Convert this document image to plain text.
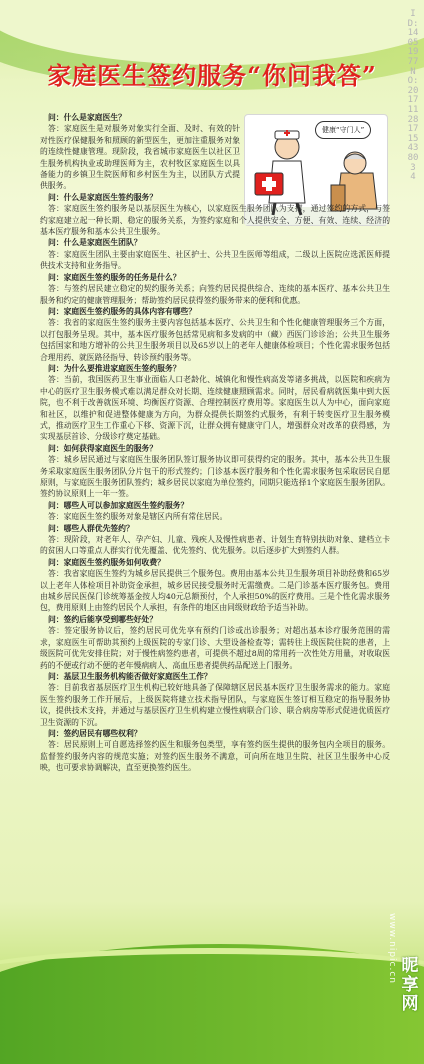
家庭医生签约服务“你问我答”
健康“守门人”

问：什么是家庭医生？

答：家庭医生是对服务对象实行全面、及时、有效的针对性医疗保健服务和照顾的新型医生，更加注重服务对象的连续性健康管理。现阶段，我省城市家庭医生以社区卫生服务机构执业或助理医师为主，农村牧区家庭医生以具备能力的乡镇卫生院医师和乡村医生为主，以团队方式提供服务。

问：什么是家庭医生签约服务？

答：家庭医生签约服务是以基层医生为核心，以家庭医生服务团队为支撑，通过签约的方式，与签约家庭建立起一种长期、稳定的服务关系，为签约家庭和个人提供安全、方便、有效、连续、经济的基本医疗服务和基本公共卫生服务。

问：什么是家庭医生团队？

答：家庭医生团队主要由家庭医生、社区护士、公共卫生医师等组成，二级以上医院应选派医师提供技术支持和业务指导。

问：家庭医生签约服务的任务是什么？

答：与签约居民建立稳定的契约服务关系；向签约居民提供综合、连续的基本医疗、基本公共卫生服务和约定的健康管理服务；帮助签约居民获得签约服务带来的便利和优惠。

问：家庭医生签约服务的具体内容有哪些？

答：我省的家庭医生签约服务主要内容包括基本医疗、公共卫生和个性化健康管理服务三个方面，以打包服务呈现。其中，基本医疗服务包括常见病和多发病的中（藏）西医门诊诊治；公共卫生服务包括国家和地方增补的公共卫生服务项目以及65岁以上的老年人健康体检项目；个性化需求服务包括合理用药、就医路径指导、转诊预约服务等。

问：为什么要推进家庭医生签约服务？

答：当前，我国医药卫生事业面临人口老龄化、城镇化和慢性病高发等诸多挑战，以医院和疾病为中心的医疗卫生服务模式难以满足群众对长期、连续健康照顾需求。同时，居民看病就医集中到大医院，也不利于改善就医环境、均衡医疗资源、合理控制医疗费用等。家庭医生以人为中心，面向家庭和社区，以维护和促进整体健康为方向，为群众提供长期签约式服务，有利于转变医疗卫生服务模式，推动医疗卫生工作重心下移、资源下沉，让群众拥有健康守门人，增强群众对改革的获得感，为实现基层首诊、分级诊疗奠定基础。

问：如何获得家庭医生的服务？

答：城乡居民通过与家庭医生服务团队签订服务协议即可获得约定的服务。其中，基本公共卫生服务采取家庭医生服务团队分片包干的形式签约；门诊基本医疗服务和个性化需求服务包采取居民自愿原则，与家庭医生服务团队签约；城乡居民以家庭为单位签约，同期只能选择1个家庭医生服务团队。签约协议原则上一年一签。

问：哪些人可以参加家庭医生签约服务？

答：家庭医生签约服务对象是辖区内所有常住居民。

问：哪些人群优先签约？

答：现阶段，对老年人、孕产妇、儿童、残疾人及慢性病患者、计划生育特别扶助对象、建档立卡的贫困人口等重点人群实行优先覆盖、优先签约、优先服务。以后逐步扩大到签约人群。

问：家庭医生签约服务如何收费？

答：我省家庭医生签约为城乡居民提供三个服务包。费用由基本公共卫生服务项目补助经费和65岁以上老年人体检项目补助资金承担，城乡居民接受服务时无需缴费。二是门诊基本医疗服务包。费用由城乡居民医保门诊统筹基金按人均40元总额预付，个人承担50%的医疗费用。三是个性化需求服务包，费用原则上由签约居民个人承担，有条件的地区由同级财政给予适当补助。

问：签约后能享受到哪些好处？

答：签定服务协议后，签约居民可优先享有预约门诊或出诊服务；对超出基本诊疗服务范围的需求，家庭医生可帮助其预约上级医院的专家门诊、大型设备检查等；需转往上级医院住院的患者，上级医院可优先安排住院；对于慢性病签约患者，可提供不超过8周的常用药一次性处方用量，对收取医药的不便或行动不便的老年慢病病人、高血压患者提供药品配送上门服务。

问：基层卫生服务机构能否做好家庭医生工作？

答：目前我省基层医疗卫生机构已较好地具备了保障辖区居民基本医疗卫生服务需求的能力。家庭医生签约服务工作开展后，上级医院将建立技术指导团队，与家庭医生签订相互稳定的指导服务协议，提供技术支持，并通过与基层医疗卫生机构建立慢性病联合门诊、联合病房等形式促进优质医疗卫生资源的下沉。

问：签约居民有哪些权利？

答：居民原则上可自愿选择签约医生和服务包类型，享有签约医生提供的服务包内全项目的服务。监督签约服务内容的规范实施；对签约医生服务不满意，可向所在地卫生院、社区卫生服务中心反映，也可要求协调解决，直至更换签约医生。

ID:14051977 NO:20171128171543803 4
www.nipic.cn 昵享网
